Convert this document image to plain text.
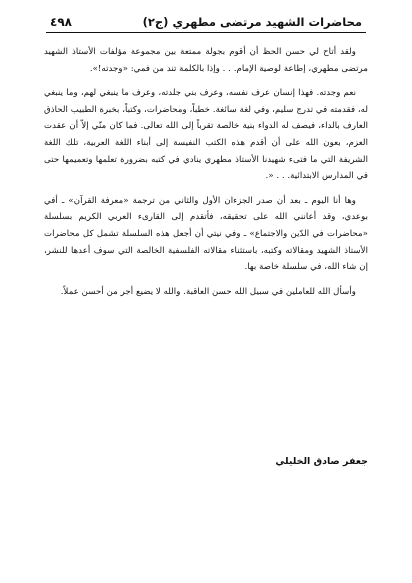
محاضرات الشهيد مرتضى مطهري (ج٢)
٤٩٨

ولقد أتاح لي حسن الحظ أن أقوم بجولة ممتعة بين مجموعة مؤلفات الأستاذ الشهيد مرتضى مطهري، إطاعة لوصية الإمام. . . وإذا بالكلمة تند من فمي: «وجدته!».

نعم وجدته. فهذا إنسان عرف نفسه، وعرف بني جلدته، وعرف ما ينبغي لهم، وما ينبغي له، فقدمته في تدرج سليم، وفي لغة سائغة. خطباً، ومحاضرات، وكتباً، بخبرة الطبيب الحاذق العارف بالداء، فيصف له الدواء بنية خالصة تقرباً إلى الله تعالى. فما كان منّي إلاّ أن عقدت العزم، بعون الله على أن أقدم هذه الكتب النفيسة إلى أبناء اللغة العربية، تلك اللغة الشريفة التي ما فتىء شهيدنا الأستاذ مطهري ينادي في كتبه بضرورة تعلمها وتعميمها حتى في المدارس الابتدائية. . . «.

وها أنا اليوم ـ بعد أن صدر الجزءان الأول والثاني من ترجمة «معرفة القرآن» ـ أفي بوعدي، وقد أعانني الله على تحقيقه، فأتقدم إلى القارىء العربي الكريم بسلسلة «محاضرات في الدّين والاجتماع» ـ وفي نيتي أن أجعل هذه السلسلة تشمل كل محاضرات الأستاذ الشهيد ومقالاته وكتبه، باستثناء مقالاته الفلسفية الخالصة التي سوف أعدها للنشر، إن شاء الله، في سلسلة خاصة بها.

وأسأل الله للعاملين في سبيل الله حسن العاقبة. والله لا يضيع أجر من أحسن عملاً.

جعفر صادق الخليلي
